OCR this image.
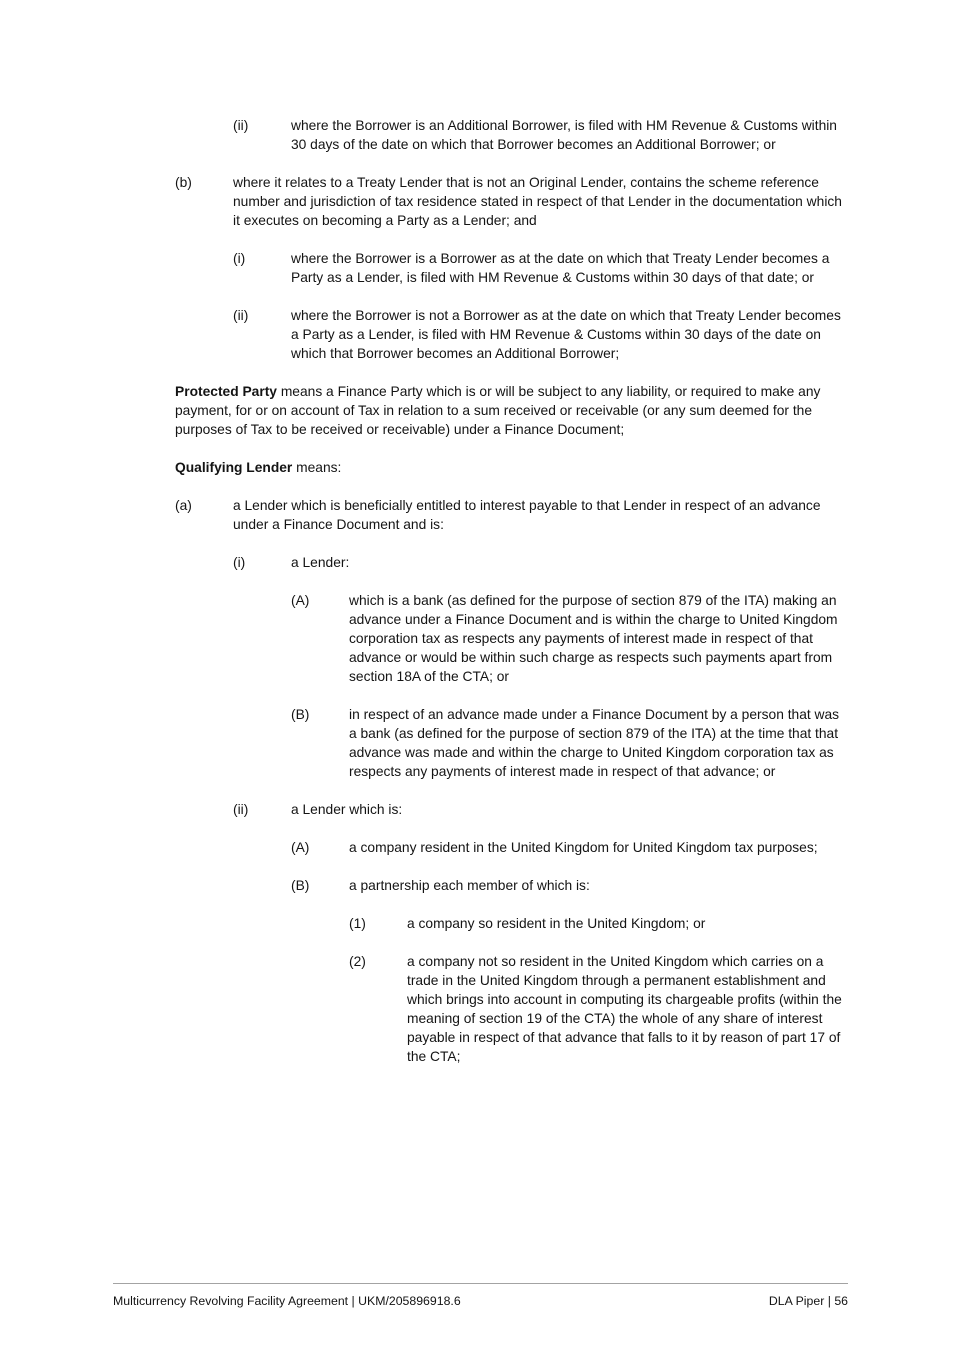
(ii)	where the Borrower is an Additional Borrower, is filed with HM Revenue & Customs within 30 days of the date on which that Borrower becomes an Additional Borrower; or
(b)	where it relates to a Treaty Lender that is not an Original Lender, contains the scheme reference number and jurisdiction of tax residence stated in respect of that Lender in the documentation which it executes on becoming a Party as a Lender; and
(i)	where the Borrower is a Borrower as at the date on which that Treaty Lender becomes a Party as a Lender, is filed with HM Revenue & Customs within 30 days of that date; or
(ii)	where the Borrower is not a Borrower as at the date on which that Treaty Lender becomes a Party as a Lender, is filed with HM Revenue & Customs within 30 days of the date on which that Borrower becomes an Additional Borrower;
Protected Party means a Finance Party which is or will be subject to any liability, or required to make any payment, for or on account of Tax in relation to a sum received or receivable (or any sum deemed for the purposes of Tax to be received or receivable) under a Finance Document;
Qualifying Lender means:
(a)	a Lender which is beneficially entitled to interest payable to that Lender in respect of an advance under a Finance Document and is:
(i)	a Lender:
(A)	which is a bank (as defined for the purpose of section 879 of the ITA) making an advance under a Finance Document and is within the charge to United Kingdom corporation tax as respects any payments of interest made in respect of that advance or would be within such charge as respects such payments apart from section 18A of the CTA; or
(B)	in respect of an advance made under a Finance Document by a person that was a bank (as defined for the purpose of section 879 of the ITA) at the time that that advance was made and within the charge to United Kingdom corporation tax as respects any payments of interest made in respect of that advance; or
(ii)	a Lender which is:
(A)	a company resident in the United Kingdom for United Kingdom tax purposes;
(B)	a partnership each member of which is:
(1)	a company so resident in the United Kingdom; or
(2)	a company not so resident in the United Kingdom which carries on a trade in the United Kingdom through a permanent establishment and which brings into account in computing its chargeable profits (within the meaning of section 19 of the CTA) the whole of any share of interest payable in respect of that advance that falls to it by reason of part 17 of the CTA;
Multicurrency Revolving Facility Agreement | UKM/205896918.6	DLA Piper | 56
